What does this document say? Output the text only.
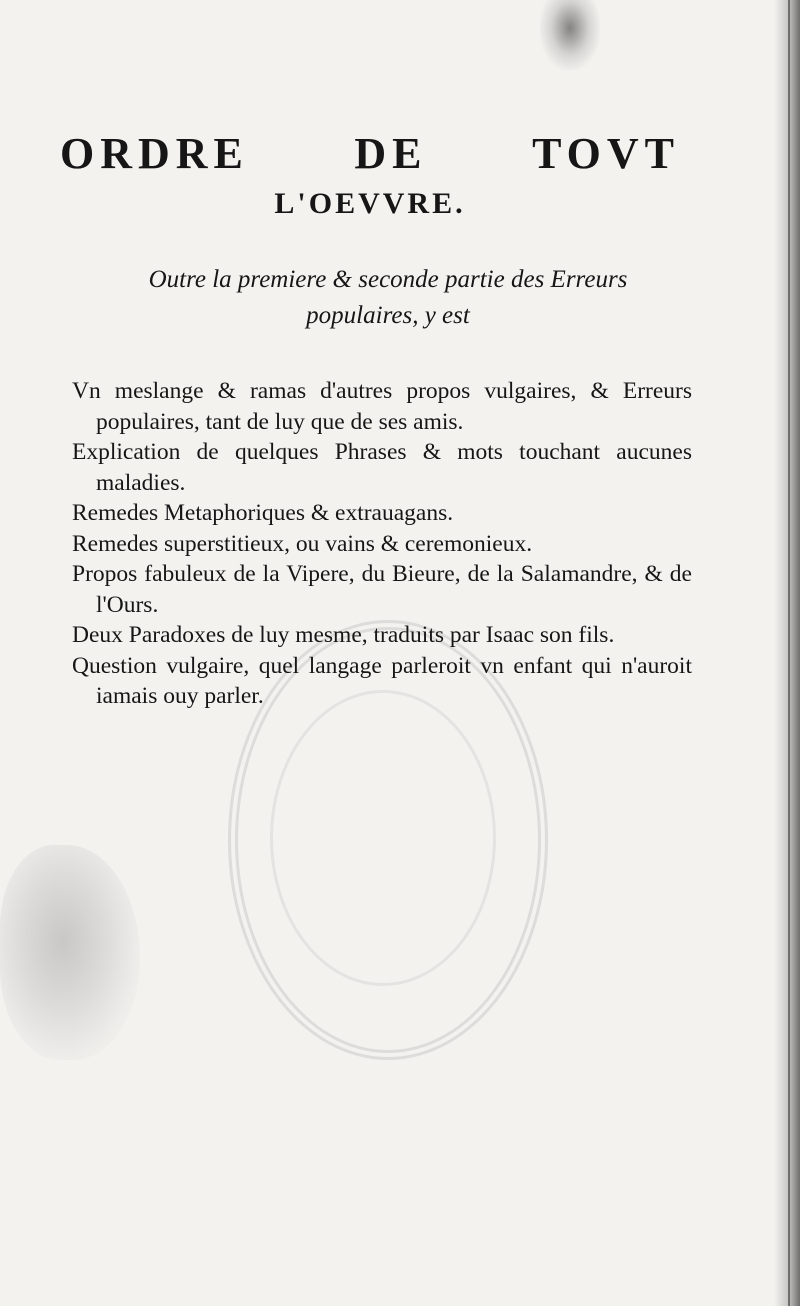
ORDRE DE TOVT
L'OEVVRE.

Outre la premiere & seconde partie des Erreurs populaires, y est

Vn meslange & ramas d'autres propos vulgaires, & Erreurs populaires, tant de luy que de ses amis.
Explication de quelques Phrases & mots touchant aucunes maladies.
Remedes Metaphoriques & extrauagans.
Remedes superstitieux, ou vains & ceremonieux.
Propos fabuleux de la Vipere, du Bieure, de la Salamandre, & de l'Ours.
Deux Paradoxes de luy mesme, traduits par Isaac son fils.
Question vulgaire, quel langage parleroit vn enfant qui n'auroit iamais ouy parler.
